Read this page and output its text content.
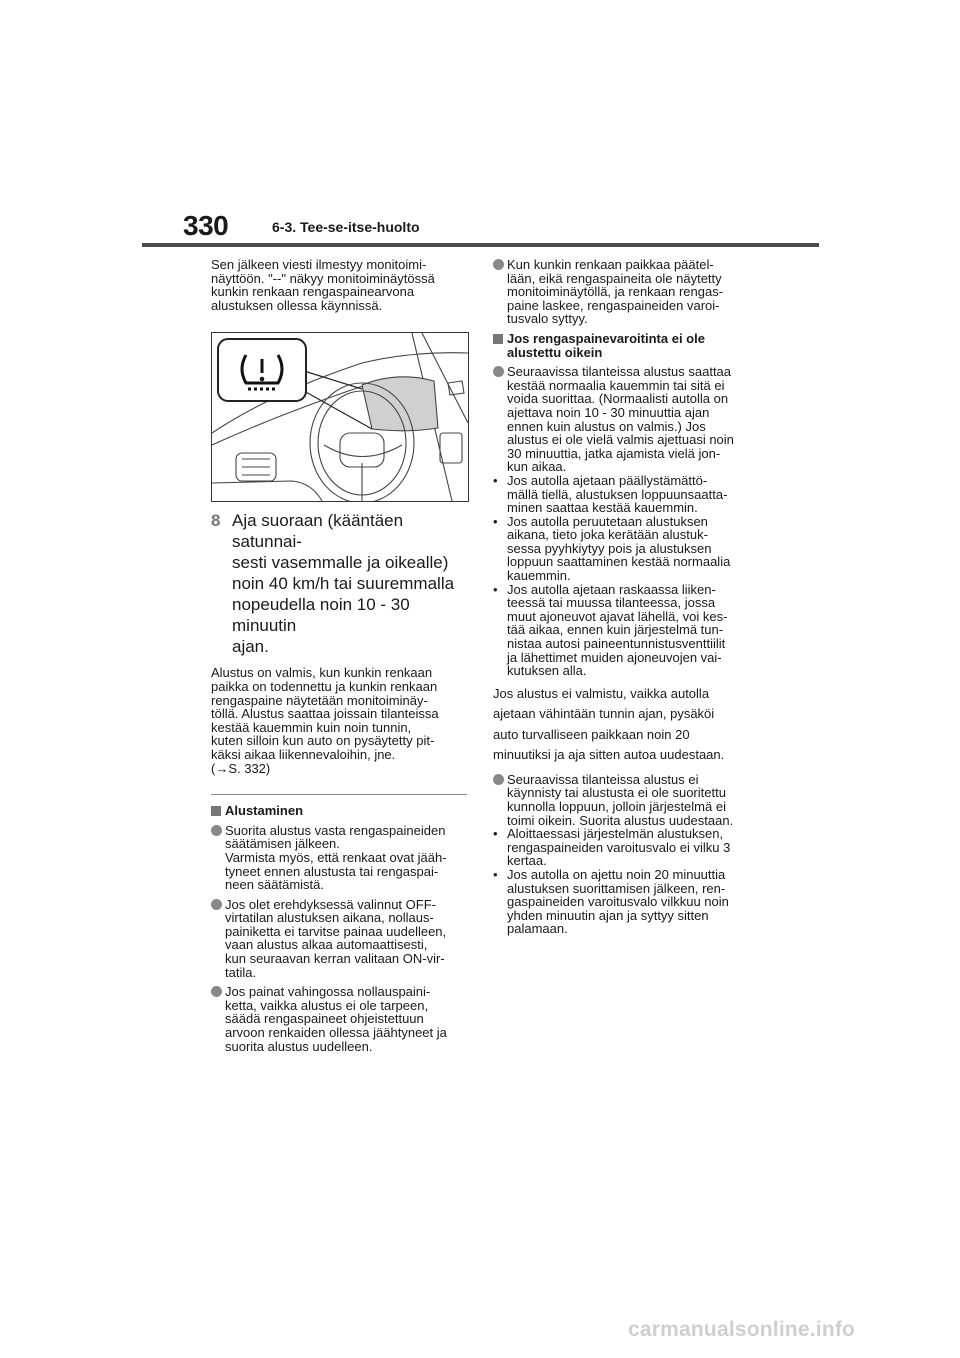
330	6-3. Tee-se-itse-huolto

Sen jälkeen viesti ilmestyy monitoimi-
näyttöön. "--" näkyy monitoiminäytössä
kunkin renkaan rengaspainearvona
alustuksen ollessa käynnissä.

8 Aja suoraan (kääntäen satunnai-
sesti vasemmalle ja oikealle)
noin 40 km/h tai suuremmalla
nopeudella noin 10 - 30 minuutin
ajan.

Alustus on valmis, kun kunkin renkaan
paikka on todennettu ja kunkin renkaan
rengaspaine näytetään monitoiminäy-
töllä. Alustus saattaa joissain tilanteissa
kestää kauemmin kuin noin tunnin,
kuten silloin kun auto on pysäytetty pit-
käksi aikaa liikennevaloihin, jne.
(→S. 332)

Alustaminen
Suorita alustus vasta rengaspaineiden
säätämisen jälkeen.
Varmista myös, että renkaat ovat jääh-
tyneet ennen alustusta tai rengaspai-
neen säätämistä.
Jos olet erehdyksessä valinnut OFF-
virtatilan alustuksen aikana, nollaus-
painiketta ei tarvitse painaa uudelleen,
vaan alustus alkaa automaattisesti,
kun seuraavan kerran valitaan ON-vir-
tatila.
Jos painat vahingossa nollauspaini-
ketta, vaikka alustus ei ole tarpeen,
säädä rengaspaineet ohjeistettuun
arvoon renkaiden ollessa jäähtyneet ja
suorita alustus uudelleen.
Kun kunkin renkaan paikkaa päätel-
lään, eikä rengaspaineita ole näytetty
monitoiminäytöllä, ja renkaan rengas-
paine laskee, rengaspaineiden varoi-
tusvalo syttyy.
Jos rengaspainevaroitinta ei ole
alustettu oikein
Seuraavissa tilanteissa alustus saattaa
kestää normaalia kauemmin tai sitä ei
voida suorittaa. (Normaalisti autolla on
ajettava noin 10 - 30 minuuttia ajan
ennen kuin alustus on valmis.) Jos
alustus ei ole vielä valmis ajettuasi noin
30 minuuttia, jatka ajamista vielä jon-
kun aikaa.
• Jos autolla ajetaan päällystämättö-
mällä tiellä, alustuksen loppuunsaatta-
minen saattaa kestää kauemmin.
• Jos autolla peruutetaan alustuksen
aikana, tieto joka kerätään alustuk-
sessa pyyhkiytyy pois ja alustuksen
loppuun saattaminen kestää normaalia
kauemmin.
• Jos autolla ajetaan raskaassa liiken-
teessä tai muussa tilanteessa, jossa
muut ajoneuvot ajavat lähellä, voi kes-
tää aikaa, ennen kuin järjestelmä tun-
nistaa autosi paineentunnistusventtiilit
ja lähettimet muiden ajoneuvojen vai-
kutuksen alla.

Jos alustus ei valmistu, vaikka autolla
ajetaan vähintään tunnin ajan, pysäköi
auto turvalliseen paikkaan noin 20
minuutiksi ja aja sitten autoa uudestaan.

Seuraavissa tilanteissa alustus ei
käynnisty tai alustusta ei ole suoritettu
kunnolla loppuun, jolloin järjestelmä ei
toimi oikein. Suorita alustus uudestaan.
• Aloittaessasi järjestelmän alustuksen,
rengaspaineiden varoitusvalo ei vilku 3
kertaa.
• Jos autolla on ajettu noin 20 minuuttia
alustuksen suorittamisen jälkeen, ren-
gaspaineiden varoitusvalo vilkkuu noin
yhden minuutin ajan ja syttyy sitten
palamaan.
carmanualsonline.info
